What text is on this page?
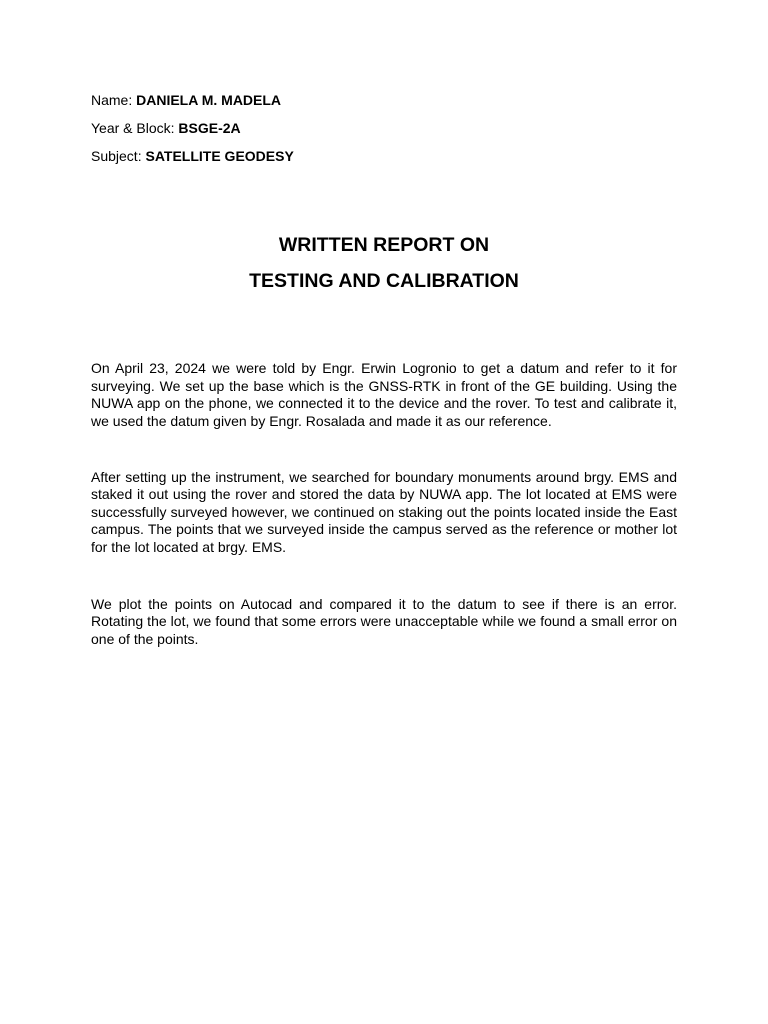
Name: DANIELA M. MADELA
Year & Block: BSGE-2A
Subject: SATELLITE GEODESY
WRITTEN REPORT ON
TESTING AND CALIBRATION

On April 23, 2024 we were told by Engr. Erwin Logronio to get a datum and refer to it for surveying. We set up the base which is the GNSS-RTK in front of the GE building. Using the NUWA app on the phone, we connected it to the device and the rover. To test and calibrate it, we used the datum given by Engr. Rosalada and made it as our reference.

After setting up the instrument, we searched for boundary monuments around brgy. EMS and staked it out using the rover and stored the data by NUWA app. The lot located at EMS were successfully surveyed however, we continued on staking out the points located inside the East campus. The points that we surveyed inside the campus served as the reference or mother lot for the lot located at brgy. EMS.

We plot the points on Autocad and compared it to the datum to see if there is an error. Rotating the lot, we found that some errors were unacceptable while we found a small error on one of the points.
